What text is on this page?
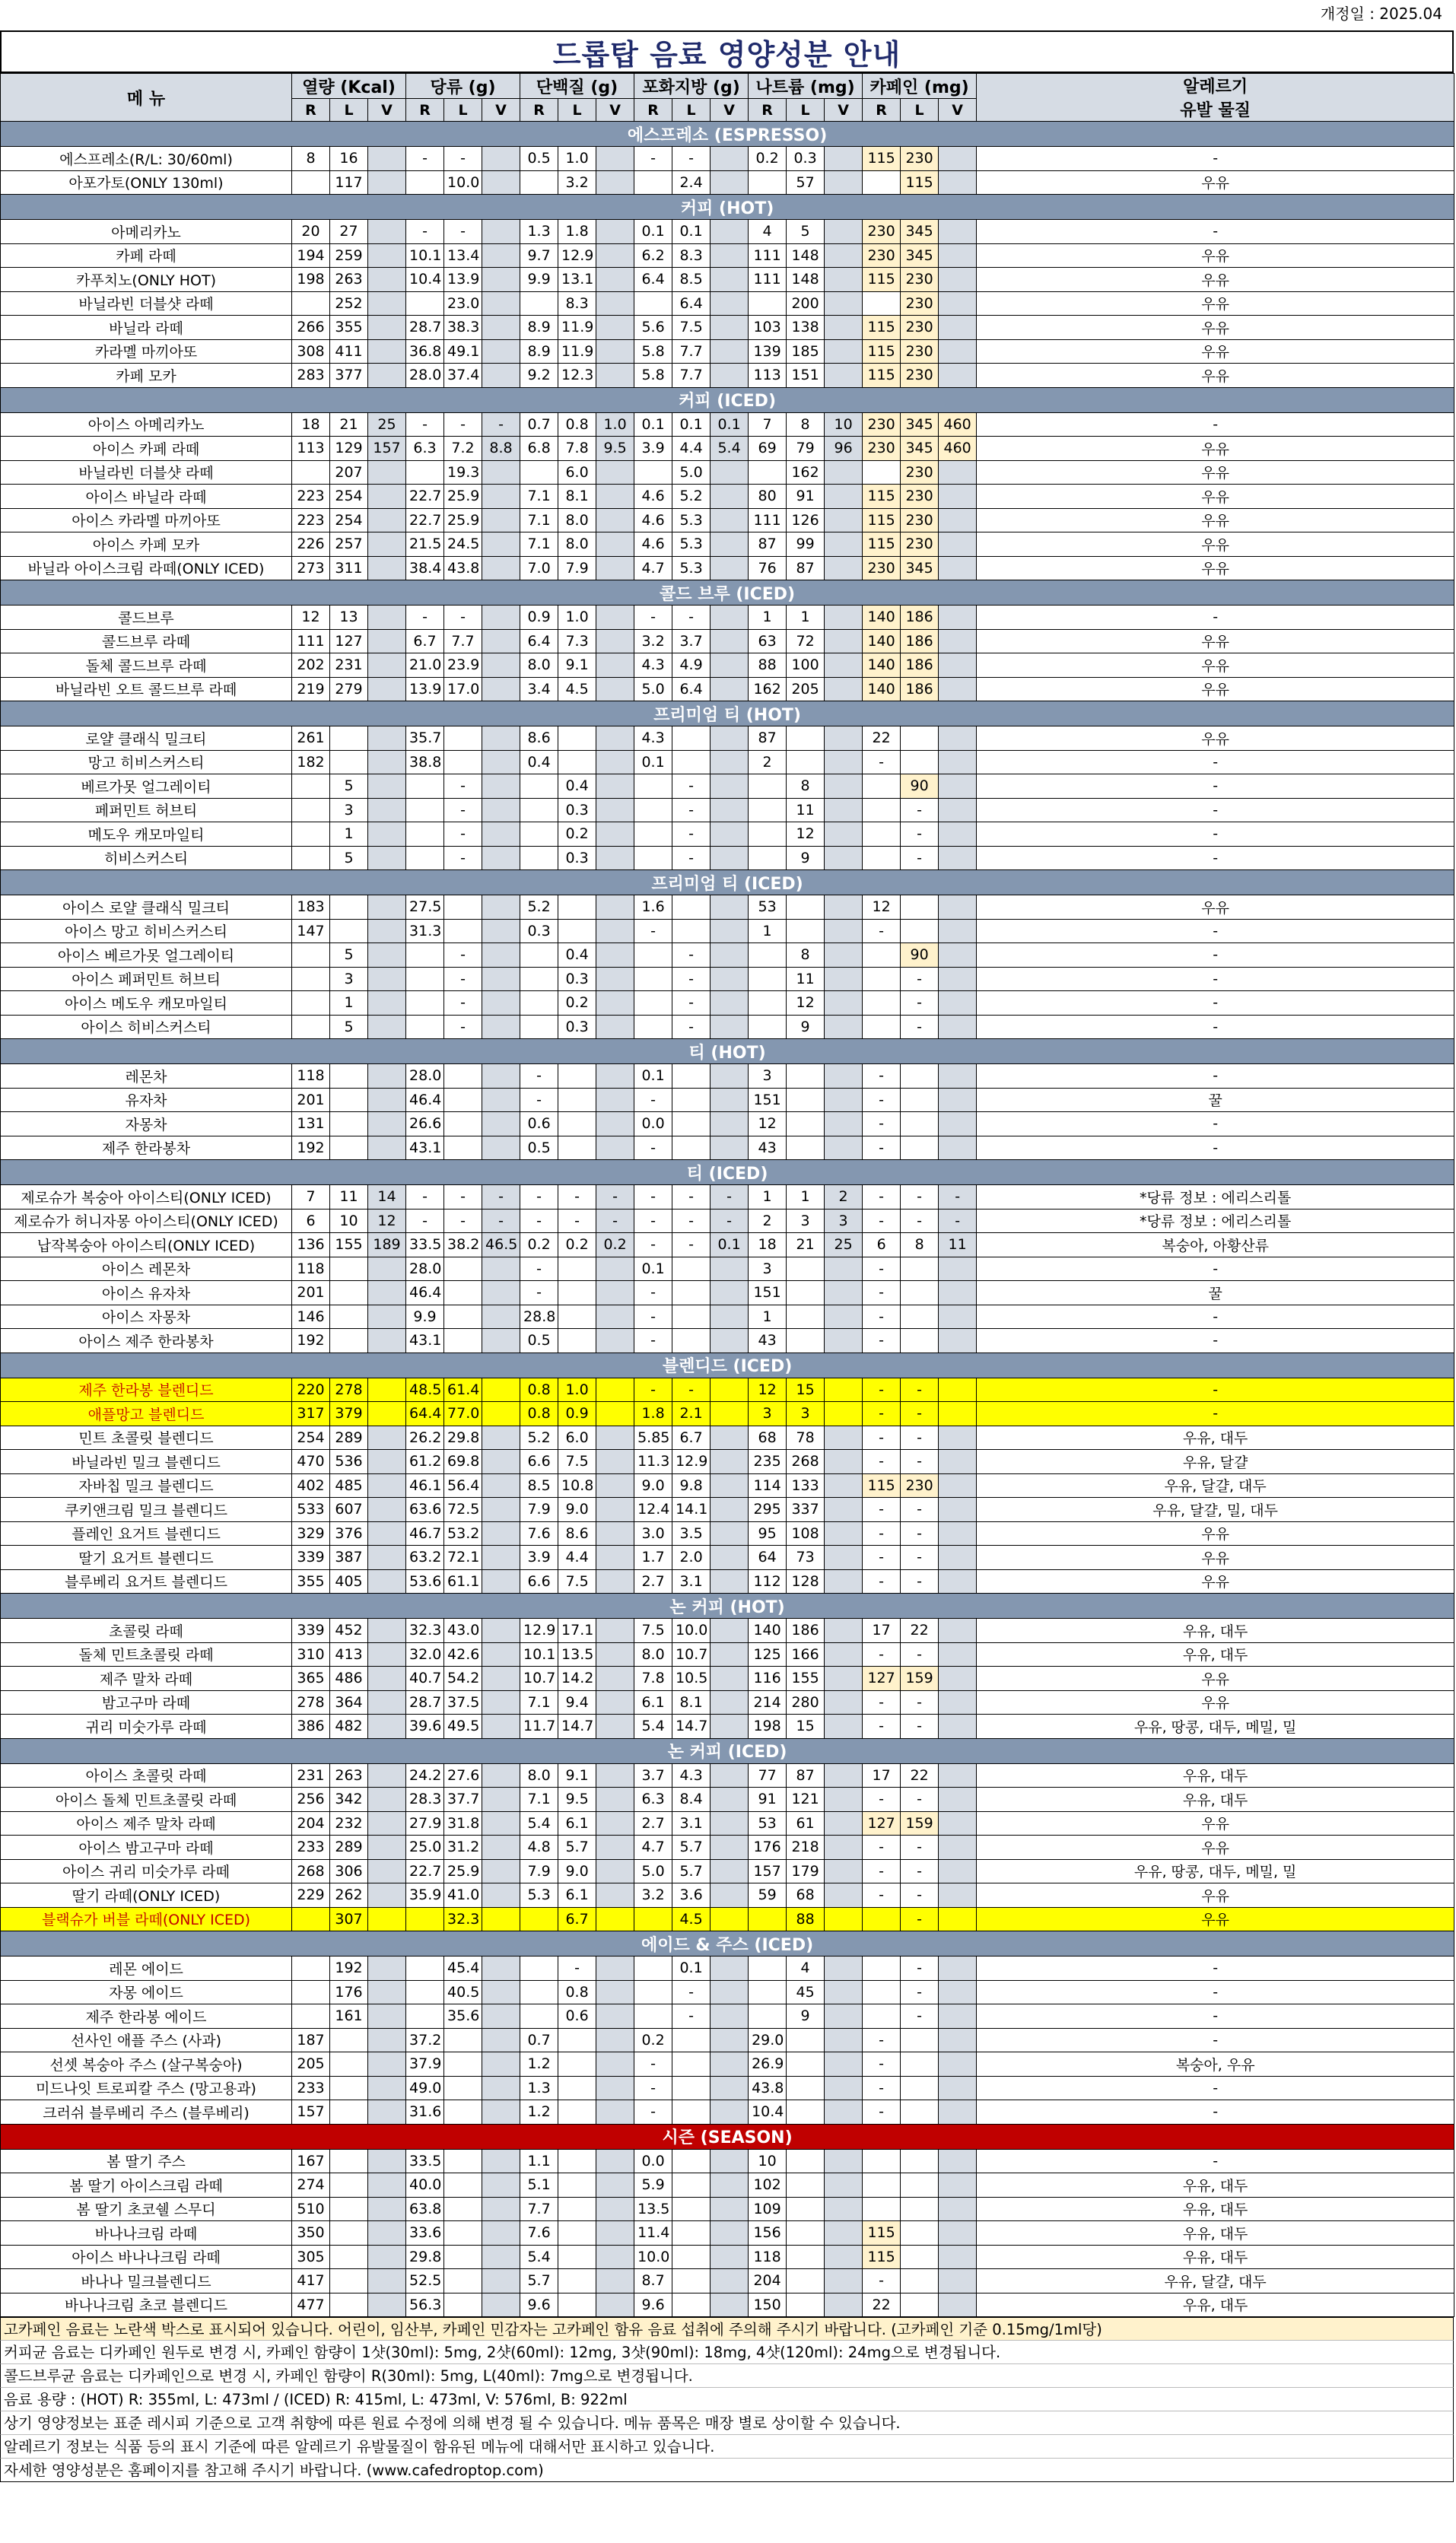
개정일 : 2025.04
드롭탑 음료 영양성분 안내
메 뉴	열량 (Kcal)			당류 (g)			단백질 (g)			포화지방 (g)			나트륨 (mg)			카페인 (mg)			알레르기
유발 물질
	R	L	V	R	L	V	R	L	V	R	L	V	R	L	V	R	L	V	
에스프레소 (ESPRESSO)																			
에스프레소(R/L: 30/60ml)	8	16		-	-		0.5	1.0		-	-		0.2	0.3		115	230		-
아포가토(ONLY 130ml)		117			10.0			3.2			2.4			57			115		우유
커피 (HOT)																			
아메리카노	20	27		-	-		1.3	1.8		0.1	0.1		4	5		230	345		-
카페 라떼	194	259		10.1	13.4		9.7	12.9		6.2	8.3		111	148		230	345		우유
카푸치노(ONLY HOT)	198	263		10.4	13.9		9.9	13.1		6.4	8.5		111	148		115	230		우유
바닐라빈 더블샷 라떼		252			23.0			8.3			6.4			200			230		우유
바닐라 라떼	266	355		28.7	38.3		8.9	11.9		5.6	7.5		103	138		115	230		우유
카라멜 마끼아또	308	411		36.8	49.1		8.9	11.9		5.8	7.7		139	185		115	230		우유
카페 모카	283	377		28.0	37.4		9.2	12.3		5.8	7.7		113	151		115	230		우유
커피 (ICED)																			
아이스 아메리카노	18	21	25	-	-	-	0.7	0.8	1.0	0.1	0.1	0.1	7	8	10	230	345	460	-
아이스 카페 라떼	113	129	157	6.3	7.2	8.8	6.8	7.8	9.5	3.9	4.4	5.4	69	79	96	230	345	460	우유
바닐라빈 더블샷 라떼		207			19.3			6.0			5.0			162			230		우유
아이스 바닐라 라떼	223	254		22.7	25.9		7.1	8.1		4.6	5.2		80	91		115	230		우유
아이스 카라멜 마끼아또	223	254		22.7	25.9		7.1	8.0		4.6	5.3		111	126		115	230		우유
아이스 카페 모카	226	257		21.5	24.5		7.1	8.0		4.6	5.3		87	99		115	230		우유
바닐라 아이스크림 라떼(ONLY ICED)	273	311		38.4	43.8		7.0	7.9		4.7	5.3		76	87		230	345		우유
콜드 브루 (ICED)																			
콜드브루	12	13		-	-		0.9	1.0		-	-		1	1		140	186		-
콜드브루 라떼	111	127		6.7	7.7		6.4	7.3		3.2	3.7		63	72		140	186		우유
돌체 콜드브루 라떼	202	231		21.0	23.9		8.0	9.1		4.3	4.9		88	100		140	186		우유
바닐라빈 오트 콜드브루 라떼	219	279		13.9	17.0		3.4	4.5		5.0	6.4		162	205		140	186		우유
프리미엄 티 (HOT)																			
로얄 클래식 밀크티	261			35.7			8.6			4.3			87			22			우유
망고 히비스커스티	182			38.8			0.4			0.1			2			-			-
베르가못 얼그레이티		5			-			0.4			-			8			90		-
페퍼민트 허브티		3			-			0.3			-			11			-		-
메도우 캐모마일티		1			-			0.2			-			12			-		-
히비스커스티		5			-			0.3			-			9			-		-
프리미엄 티 (ICED)																			
아이스 로얄 클래식 밀크티	183			27.5			5.2			1.6			53			12			우유
아이스 망고 히비스커스티	147			31.3			0.3			-			1			-			-
아이스 베르가못 얼그레이티		5			-			0.4			-			8			90		-
아이스 페퍼민트 허브티		3			-			0.3			-			11			-		-
아이스 메도우 캐모마일티		1			-			0.2			-			12			-		-
아이스 히비스커스티		5			-			0.3			-			9			-		-
티 (HOT)																			
레몬차	118			28.0			-			0.1			3			-			-
유자차	201			46.4			-			-			151			-			꿀
자몽차	131			26.6			0.6			0.0			12			-			-
제주 한라봉차	192			43.1			0.5			-			43			-			-
티 (ICED)																			
제로슈가 복숭아 아이스티(ONLY ICED)	7	11	14	-	-	-	-	-	-	-	-	-	1	1	2	-	-	-	*당류 정보 : 에리스리톨
제로슈가 허니자몽 아이스티(ONLY ICED)	6	10	12	-	-	-	-	-	-	-	-	-	2	3	3	-	-	-	*당류 정보 : 에리스리톨
납작복숭아 아이스티(ONLY ICED)	136	155	189	33.5	38.2	46.5	0.2	0.2	0.2	-	-	0.1	18	21	25	6	8	11	복숭아, 아황산류
아이스 레몬차	118			28.0			-			0.1			3			-			-
아이스 유자차	201			46.4			-			-			151			-			꿀
아이스 자몽차	146			9.9			28.8			-			1			-			-
아이스 제주 한라봉차	192			43.1			0.5			-			43			-			-
블렌디드 (ICED)																			
제주 한라봉 블렌디드	220	278		48.5	61.4		0.8	1.0		-	-		12	15		-	-		-
애플망고 블렌디드	317	379		64.4	77.0		0.8	0.9		1.8	2.1		3	3		-	-		-
민트 초콜릿 블렌디드	254	289		26.2	29.8		5.2	6.0		5.85	6.7		68	78		-	-		우유, 대두
바닐라빈 밀크 블렌디드	470	536		61.2	69.8		6.6	7.5		11.3	12.9		235	268		-	-		우유, 달걀
자바칩 밀크 블렌디드	402	485		46.1	56.4		8.5	10.8		9.0	9.8		114	133		115	230		우유, 달걀, 대두
쿠키앤크림 밀크 블렌디드	533	607		63.6	72.5		7.9	9.0		12.4	14.1		295	337		-	-		우유, 달걀, 밀, 대두
플레인 요거트 블렌디드	329	376		46.7	53.2		7.6	8.6		3.0	3.5		95	108		-	-		우유
딸기 요거트 블렌디드	339	387		63.2	72.1		3.9	4.4		1.7	2.0		64	73		-	-		우유
블루베리 요거트 블렌디드	355	405		53.6	61.1		6.6	7.5		2.7	3.1		112	128		-	-		우유
논 커피 (HOT)																			
초콜릿 라떼	339	452		32.3	43.0		12.9	17.1		7.5	10.0		140	186		17	22		우유, 대두
돌체 민트초콜릿 라떼	310	413		32.0	42.6		10.1	13.5		8.0	10.7		125	166		-	-		우유, 대두
제주 말차 라떼	365	486		40.7	54.2		10.7	14.2		7.8	10.5		116	155		127	159		우유
밤고구마 라떼	278	364		28.7	37.5		7.1	9.4		6.1	8.1		214	280		-	-		우유
귀리 미숫가루 라떼	386	482		39.6	49.5		11.7	14.7		5.4	14.7		198	15		-	-		우유, 땅콩, 대두, 메밀, 밀
논 커피 (ICED)																			
아이스 초콜릿 라떼	231	263		24.2	27.6		8.0	9.1		3.7	4.3		77	87		17	22		우유, 대두
아이스 돌체 민트초콜릿 라떼	256	342		28.3	37.7		7.1	9.5		6.3	8.4		91	121		-	-		우유, 대두
아이스 제주 말차 라떼	204	232		27.9	31.8		5.4	6.1		2.7	3.1		53	61		127	159		우유
아이스 밤고구마 라떼	233	289		25.0	31.2		4.8	5.7		4.7	5.7		176	218		-	-		우유
아이스 귀리 미숫가루 라떼	268	306		22.7	25.9		7.9	9.0		5.0	5.7		157	179		-	-		우유, 땅콩, 대두, 메밀, 밀
딸기 라떼(ONLY ICED)	229	262		35.9	41.0		5.3	6.1		3.2	3.6		59	68		-	-		우유
블랙슈가 버블 라떼(ONLY ICED)		307			32.3			6.7			4.5			88			-		우유
에이드 & 주스 (ICED)																			
레몬 에이드		192			45.4			-			0.1			4			-		-
자몽 에이드		176			40.5			0.8			-			45			-		-
제주 한라봉 에이드		161			35.6			0.6			-			9			-		-
선사인 애플 주스 (사과)	187			37.2			0.7			0.2			29.0			-			-
선셋 복숭아 주스 (살구복숭아)	205			37.9			1.2			-			26.9			-			복숭아, 우유
미드나잇 트로피칼 주스 (망고용과)	233			49.0			1.3			-			43.8			-			-
크러쉬 블루베리 주스 (블루베리)	157			31.6			1.2			-			10.4			-			-
시즌 (SEASON)																			
봄 딸기 주스	167			33.5			1.1			0.0			10						-
봄 딸기 아이스크림 라떼	274			40.0			5.1			5.9			102						우유, 대두
봄 딸기 초코쉘 스무디	510			63.8			7.7			13.5			109						우유, 대두
바나나크림 라떼	350			33.6			7.6			11.4			156			115			우유, 대두
아이스 바나나크림 라떼	305			29.8			5.4			10.0			118			115			우유, 대두
바나나 밀크블렌디드	417			52.5			5.7			8.7			204			-			우유, 달걀, 대두
바나나크림 초코 블렌디드	477			56.3			9.6			9.6			150			22			우유, 대두
고카페인 음료는 노란색 박스로 표시되어 있습니다. 어린이, 임산부, 카페인 민감자는 고카페인 함유 음료 섭취에 주의해 주시기 바랍니다. (고카페인 기준 0.15mg/1ml당)
커피균 음료는 디카페인 원두로 변경 시, 카페인 함량이 1샷(30ml): 5mg, 2샷(60ml): 12mg, 3샷(90ml): 18mg, 4샷(120ml): 24mg으로 변경됩니다.
콜드브루균 음료는 디카페인으로 변경 시, 카페인 함량이 R(30ml): 5mg, L(40ml): 7mg으로 변경됩니다.
음료 용량 : (HOT) R: 355ml, L: 473ml / (ICED) R: 415ml, L: 473ml, V: 576ml, B: 922ml
상기 영양정보는 표준 레시피 기준으로 고객 취향에 따른 원료 수정에 의해 변경 될 수 있습니다. 메뉴 품목은 매장 별로 상이할 수 있습니다.
알레르기 정보는 식품 등의 표시 기준에 따른 알레르기 유발물질이 함유된 메뉴에 대해서만 표시하고 있습니다.
자세한 영양성분은 홈페이지를 참고해 주시기 바랍니다. (www.cafedroptop.com)
